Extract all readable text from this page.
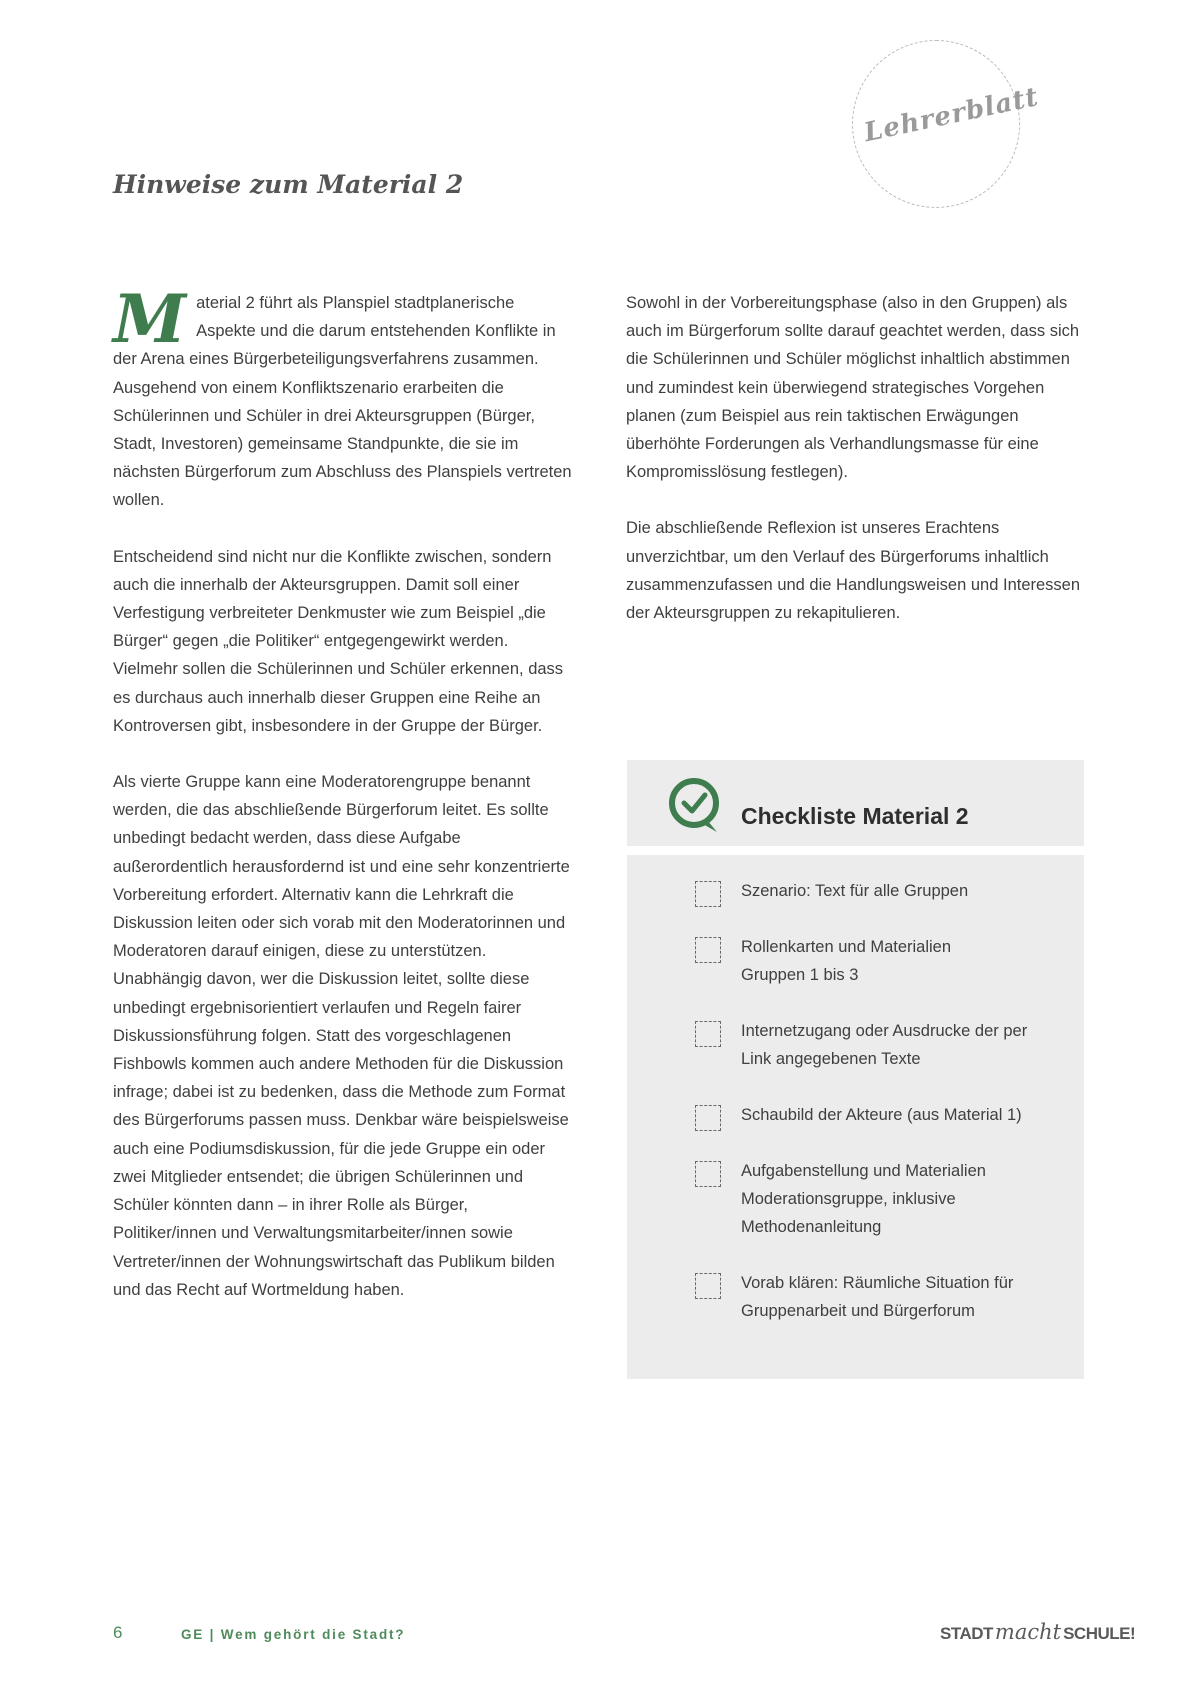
Lehrerblatt
Hinweise zum Material 2

M aterial 2 führt als Planspiel stadtplanerische Aspekte und die darum entstehenden Konflikte in der Arena eines Bürgerbeteiligungsverfahrens zusammen. Ausgehend von einem Konfliktszenario erarbeiten die Schülerinnen und Schüler in drei Akteursgruppen (Bürger, Stadt, Investoren) gemeinsame Standpunkte, die sie im nächsten Bürgerforum zum Abschluss des Planspiels vertreten wollen.

Entscheidend sind nicht nur die Konflikte zwischen, sondern auch die innerhalb der Akteursgruppen. Damit soll einer Verfestigung verbreiteter Denkmuster wie zum Beispiel „die Bürger“ gegen „die Politiker“ entgegengewirkt werden. Vielmehr sollen die Schülerinnen und Schüler erkennen, dass es durchaus auch innerhalb dieser Gruppen eine Reihe an Kontroversen gibt, insbesondere in der Gruppe der Bürger.

Als vierte Gruppe kann eine Moderatorengruppe benannt werden, die das abschließende Bürgerforum leitet. Es sollte unbedingt bedacht werden, dass diese Aufgabe außerordentlich herausfordernd ist und eine sehr konzentrierte Vorbereitung erfordert. Alternativ kann die Lehrkraft die Diskussion leiten oder sich vorab mit den Moderatorinnen und Moderatoren darauf einigen, diese zu unterstützen. Unabhängig davon, wer die Diskussion leitet, sollte diese unbedingt ergebnisorientiert verlaufen und Regeln fairer Diskussionsführung folgen. Statt des vorgeschlagenen Fishbowls kommen auch andere Methoden für die Diskussion infrage; dabei ist zu bedenken, dass die Methode zum Format des Bürgerforums passen muss. Denkbar wäre beispielsweise auch eine Podiumsdiskussion, für die jede Gruppe ein oder zwei Mitglieder entsendet; die übrigen Schülerinnen und Schüler könnten dann – in ihrer Rolle als Bürger, Politiker/innen und Verwaltungsmitarbeiter/innen sowie Vertreter/innen der Wohnungswirtschaft das Publikum bilden und das Recht auf Wortmeldung haben.

Sowohl in der Vorbereitungsphase (also in den Gruppen) als auch im Bürgerforum sollte darauf geachtet werden, dass sich die Schülerinnen und Schüler möglichst inhaltlich abstimmen und zumindest kein überwiegend strategisches Vorgehen planen (zum Beispiel aus rein taktischen Erwägungen überhöhte Forderungen als Verhandlungsmasse für eine Kompromisslösung festlegen).

Die abschließende Reflexion ist unseres Erachtens unverzichtbar, um den Verlauf des Bürgerforums inhaltlich zusammenzufassen und die Handlungsweisen und Interessen der Akteursgruppen zu rekapitulieren.

Checkliste Material 2
Szenario: Text für alle Gruppen
Rollenkarten und Materialien Gruppen 1 bis 3
Internetzugang oder Ausdrucke der per Link angegebenen Texte
Schaubild der Akteure (aus Material 1)
Aufgabenstellung und Materialien Moderationsgruppe, inklusive Methodenanleitung
Vorab klären: Räumliche Situation für Gruppenarbeit und Bürgerforum
6	GE | Wem gehört die Stadt?	STADTmacht SCHULE!
